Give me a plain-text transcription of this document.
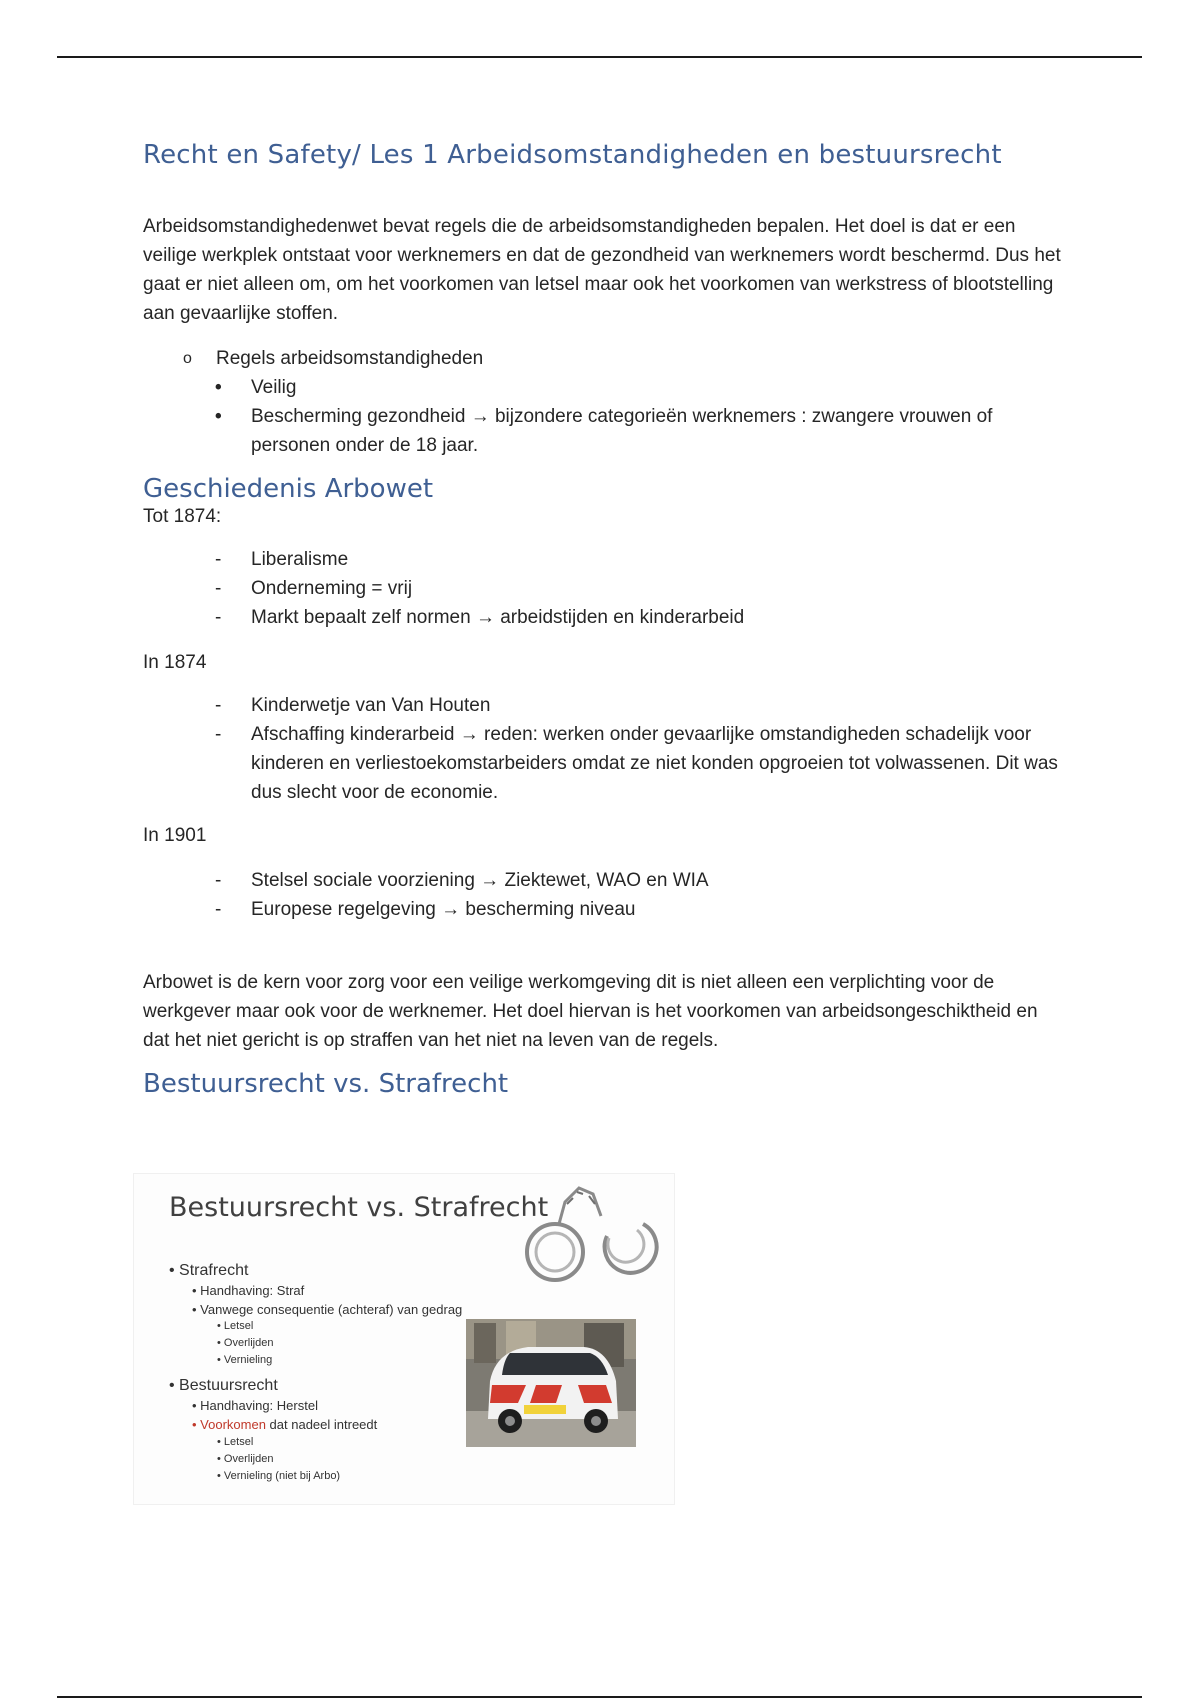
Recht en Safety/ Les 1 Arbeidsomstandigheden en bestuursrecht

Arbeidsomstandighedenwet bevat regels die de arbeidsomstandigheden bepalen. Het doel is dat er een veilige werkplek ontstaat voor werknemers en dat de gezondheid van werknemers wordt beschermd. Dus het gaat er niet alleen om, om het voorkomen van letsel maar ook het voorkomen van werkstress of blootstelling aan gevaarlijke stoffen.

o Regels arbeidsomstandigheden
• Veilig
• Bescherming gezondheid → bijzondere categorieën werknemers : zwangere vrouwen of personen onder de 18 jaar.
Geschiedenis Arbowet

Tot 1874:

- Liberalisme
- Onderneming = vrij
- Markt bepaalt zelf normen → arbeidstijden en kinderarbeid

In 1874

- Kinderwetje van Van Houten
- Afschaffing kinderarbeid → reden: werken onder gevaarlijke omstandigheden schadelijk voor kinderen en verliestoekomstarbeiders omdat ze niet konden opgroeien tot volwassenen. Dit was dus slecht voor de economie.

In 1901

- Stelsel sociale voorziening → Ziektewet, WAO en WIA
- Europese regelgeving → bescherming niveau

Arbowet is de kern voor zorg voor een veilige werkomgeving dit is niet alleen een verplichting voor de werkgever maar ook voor de werknemer. Het doel hiervan is het voorkomen van arbeidsongeschiktheid en dat het niet gericht is op straffen van het niet na leven van de regels.

Bestuursrecht vs. Strafrecht
Bestuursrecht vs. Strafrecht
• Strafrecht
• Handhaving: Straf
• Vanwege consequentie (achteraf) van gedrag
• Letsel
• Overlijden
• Vernieling
• Bestuursrecht
• Handhaving: Herstel
• Voorkomen dat nadeel intreedt
• Letsel
• Overlijden
• Vernieling (niet bij Arbo)
